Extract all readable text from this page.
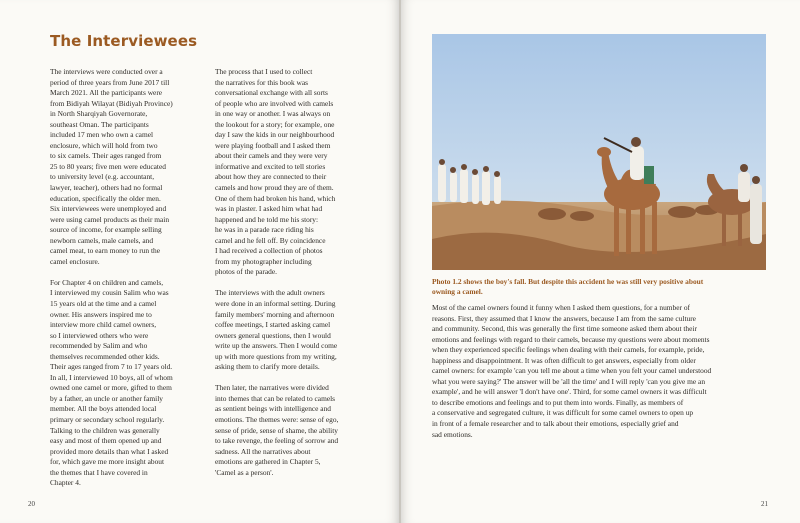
The Interviewees

The interviews were conducted over a
period of three years from June 2017 till
March 2021. All the participants were
from Bidiyah Wilayat (Bidiyah Province)
in North Sharqiyah Governorate,
southeast Oman. The participants
included 17 men who own a camel
enclosure, which will hold from two
to six camels. Their ages ranged from
25 to 80 years; five men were educated
to university level (e.g. accountant,
lawyer, teacher), others had no formal
education, specifically the older men.
Six interviewees were unemployed and
were using camel products as their main
source of income, for example selling
newborn camels, male camels, and
camel meat, to earn money to run the
camel enclosure.

For Chapter 4 on children and camels,
I interviewed my cousin Salim who was
15 years old at the time and a camel
owner. His answers inspired me to
interview more child camel owners,
so I interviewed others who were
recommended by Salim and who
themselves recommended other kids.
Their ages ranged from 7 to 17 years old.
In all, I interviewed 10 boys, all of whom
owned one camel or more, gifted to them
by a father, an uncle or another family
member. All the boys attended local
primary or secondary school regularly.
Talking to the children was generally
easy and most of them opened up and
provided more details than what I asked
for, which gave me more insight about
the themes that I have covered in
Chapter 4.

The process that I used to collect
the narratives for this book was
conversational exchange with all sorts
of people who are involved with camels
in one way or another. I was always on
the lookout for a story; for example, one
day I saw the kids in our neighbourhood
were playing football and I asked them
about their camels and they were very
informative and excited to tell stories
about how they are connected to their
camels and how proud they are of them.
One of them had broken his hand, which
was in plaster. I asked him what had
happened and he told me his story:
he was in a parade race riding his
camel and he fell off. By coincidence
I had received a collection of photos
from my photographer including
photos of the parade.

The interviews with the adult owners
were done in an informal setting. During
family members' morning and afternoon
coffee meetings, I started asking camel
owners general questions, then I would
write up the answers. Then I would come
up with more questions from my writing,
asking them to clarify more details.

Then later, the narratives were divided
into themes that can be related to camels
as sentient beings with intelligence and
emotions. The themes were: sense of ego,
sense of pride, sense of shame, the ability
to take revenge, the feeling of sorrow and
sadness. All the narratives about
emotions are gathered in Chapter 5,
'Camel as a person'.

20

Photo 1.2 shows the boy's fall. But despite this accident he was still very positive about
owning a camel.

Most of the camel owners found it funny when I asked them questions, for a number of
reasons. First, they assumed that I know the answers, because I am from the same culture
and community. Second, this was generally the first time someone asked them about their
emotions and feelings with regard to their camels, because my questions were about moments
when they experienced specific feelings when dealing with their camels, for example, pride,
happiness and disappointment. It was often difficult to get answers, especially from older
camel owners: for example 'can you tell me about a time when you felt your camel understood
what you were saying?' The answer will be 'all the time' and I will reply 'can you give me an
example', and he will answer 'I don't have one'. Third, for some camel owners it was difficult
to describe emotions and feelings and to put them into words. Finally, as members of
a conservative and segregated culture, it was difficult for some camel owners to open up
in front of a female researcher and to talk about their emotions, especially grief and
sad emotions.

21
